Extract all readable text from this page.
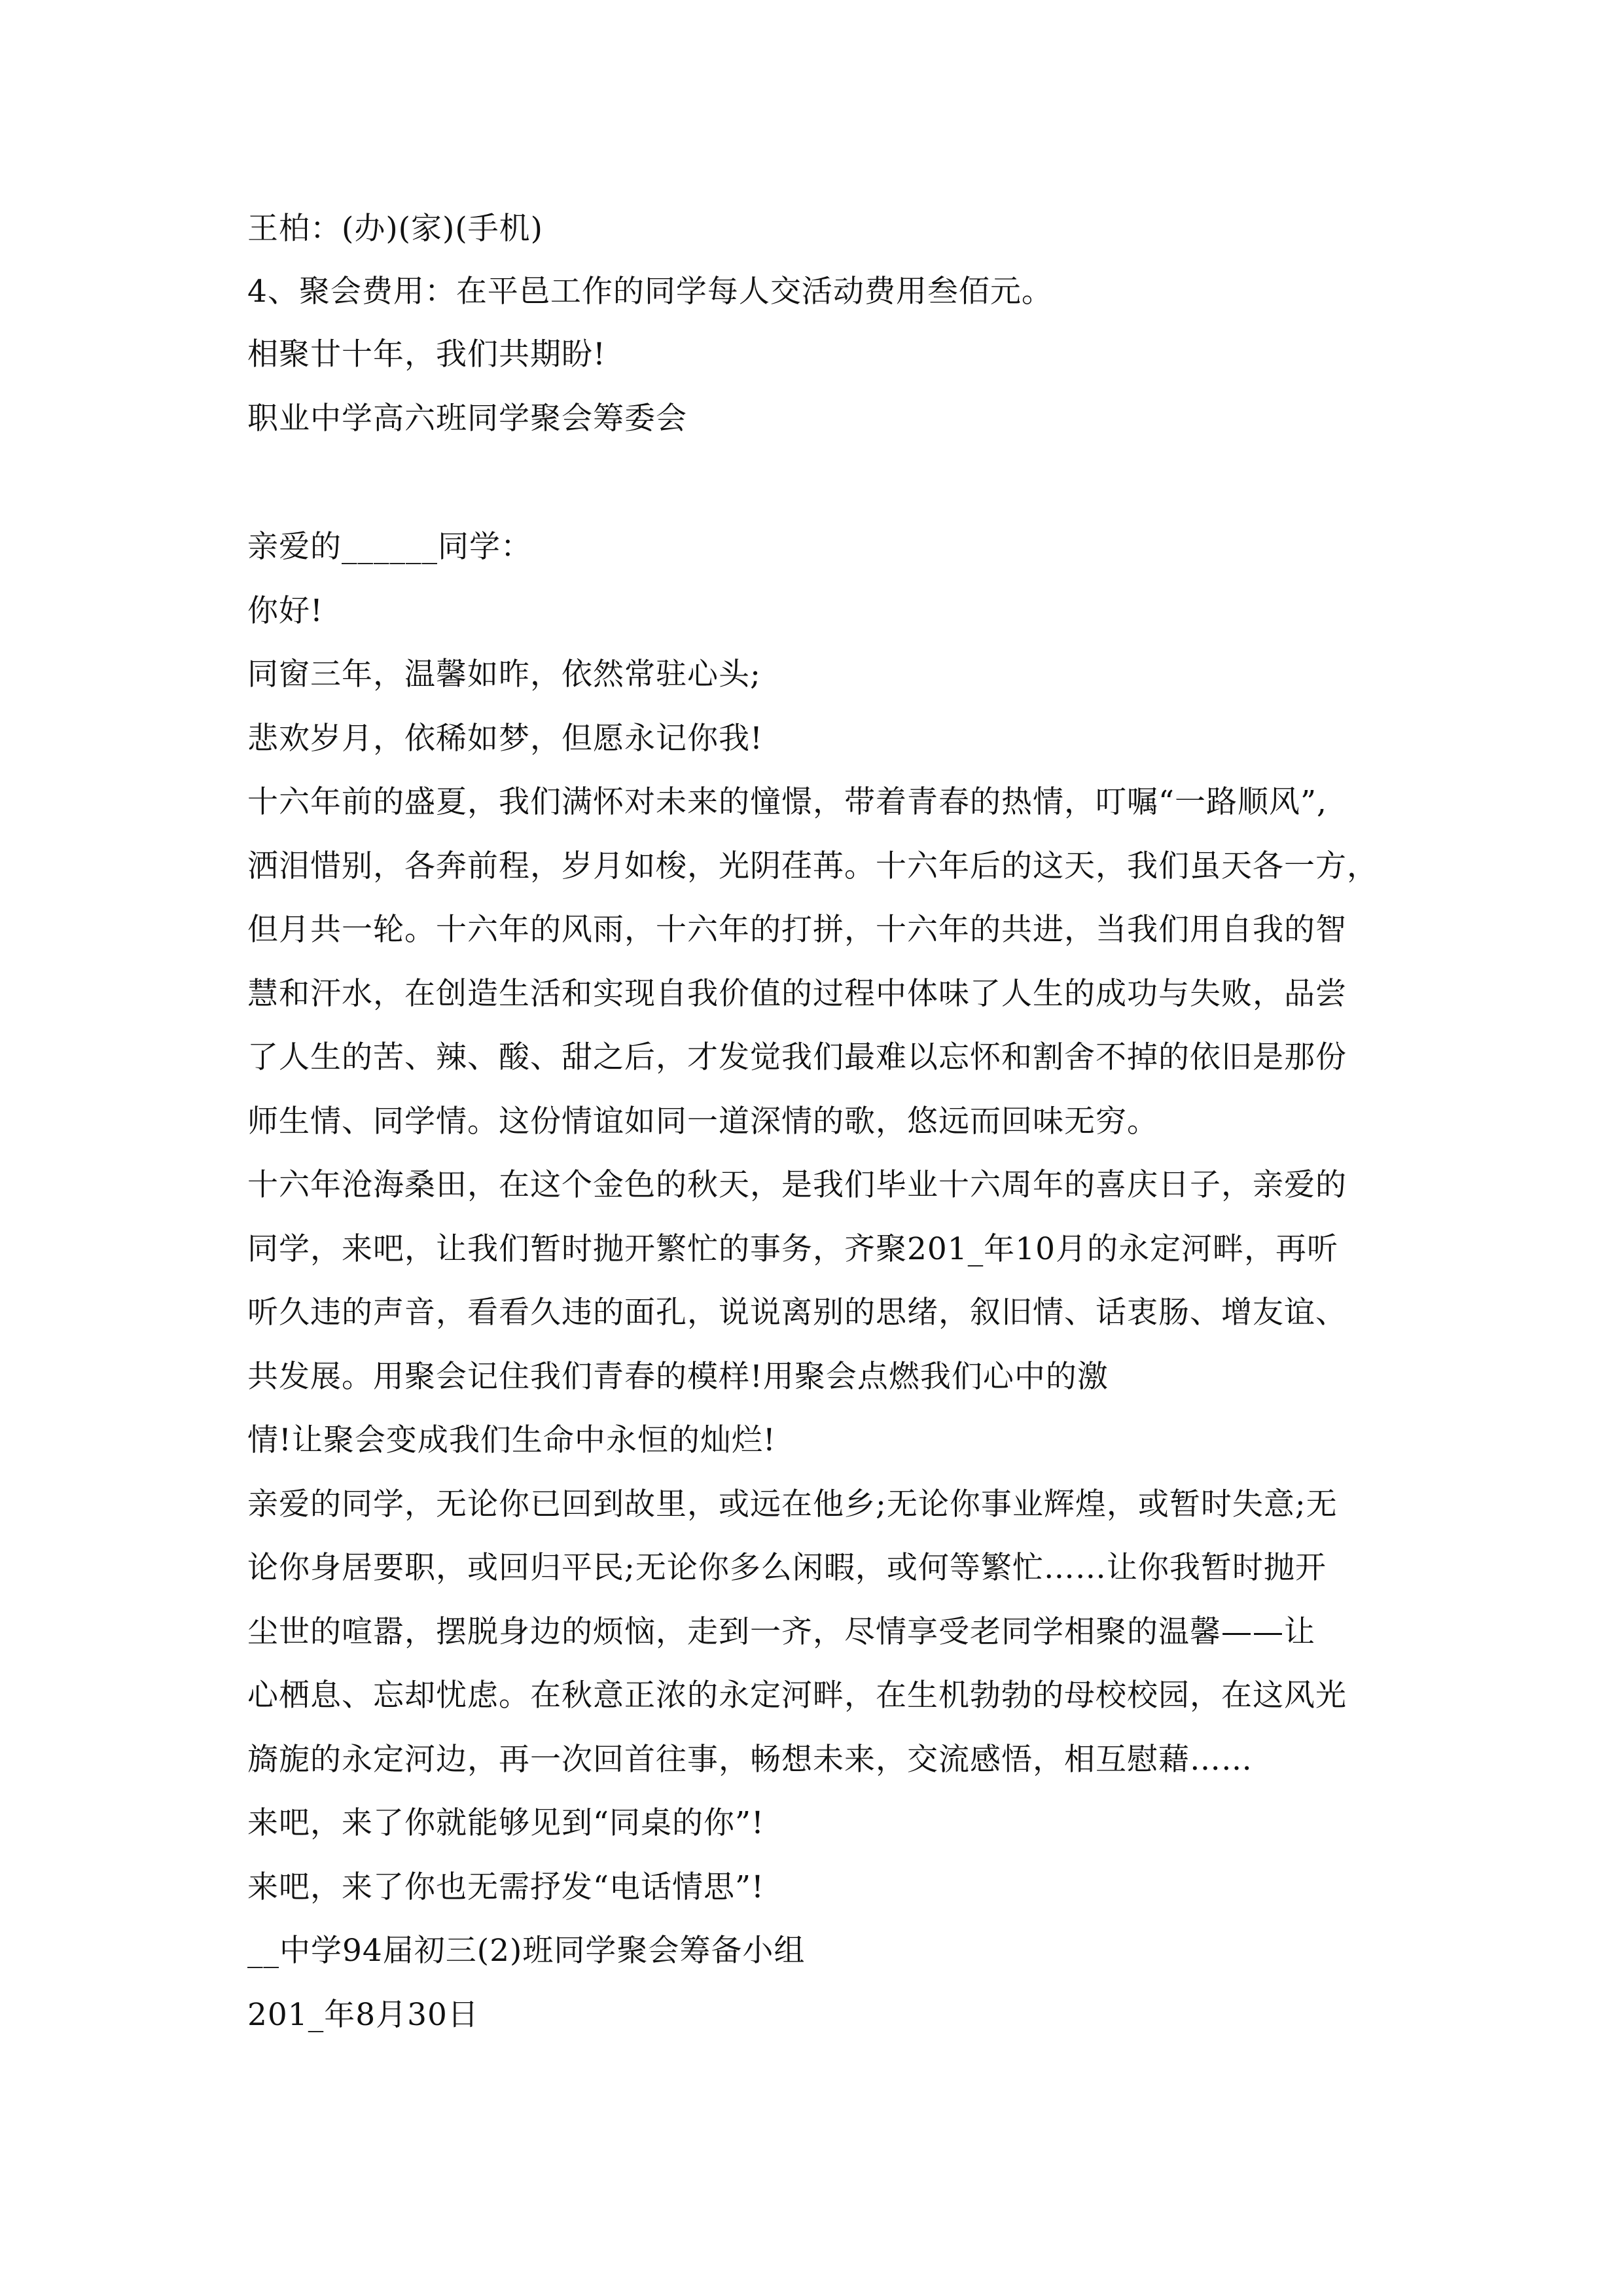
王柏：(办)(家)(手机)
4、聚会费用：在平邑工作的同学每人交活动费用叁佰元。
相聚廿十年，我们共期盼!
职业中学高六班同学聚会筹委会
亲爱的______同学：
你好!
同窗三年，温馨如昨，依然常驻心头;
悲欢岁月，依稀如梦，但愿永记你我!
十六年前的盛夏，我们满怀对未来的憧憬，带着青春的热情，叮嘱“一路顺风”,
洒泪惜别，各奔前程，岁月如梭，光阴荏苒。十六年后的这天，我们虽天各一方，
但月共一轮。十六年的风雨，十六年的打拼，十六年的共进，当我们用自我的智
慧和汗水，在创造生活和实现自我价值的过程中体味了人生的成功与失败，品尝
了人生的苦、辣、酸、甜之后，才发觉我们最难以忘怀和割舍不掉的依旧是那份
师生情、同学情。这份情谊如同一道深情的歌，悠远而回味无穷。
十六年沧海桑田，在这个金色的秋天，是我们毕业十六周年的喜庆日子，亲爱的
同学，来吧，让我们暂时抛开繁忙的事务，齐聚201_年10月的永定河畔，再听
听久违的声音，看看久违的面孔，说说离别的思绪，叙旧情、话衷肠、增友谊、
共发展。用聚会记住我们青春的模样!用聚会点燃我们心中的激
情!让聚会变成我们生命中永恒的灿烂!
亲爱的同学，无论你已回到故里，或远在他乡;无论你事业辉煌，或暂时失意;无
论你身居要职，或回归平民;无论你多么闲暇，或何等繁忙……让你我暂时抛开
尘世的喧嚣，摆脱身边的烦恼，走到一齐，尽情享受老同学相聚的温馨——让
心栖息、忘却忧虑。在秋意正浓的永定河畔，在生机勃勃的母校校园，在这风光
旖旎的永定河边，再一次回首往事，畅想未来，交流感悟，相互慰藉……
来吧，来了你就能够见到“同桌的你”!
来吧，来了你也无需抒发“电话情思”!
__中学94届初三(2)班同学聚会筹备小组
201_年8月30日
